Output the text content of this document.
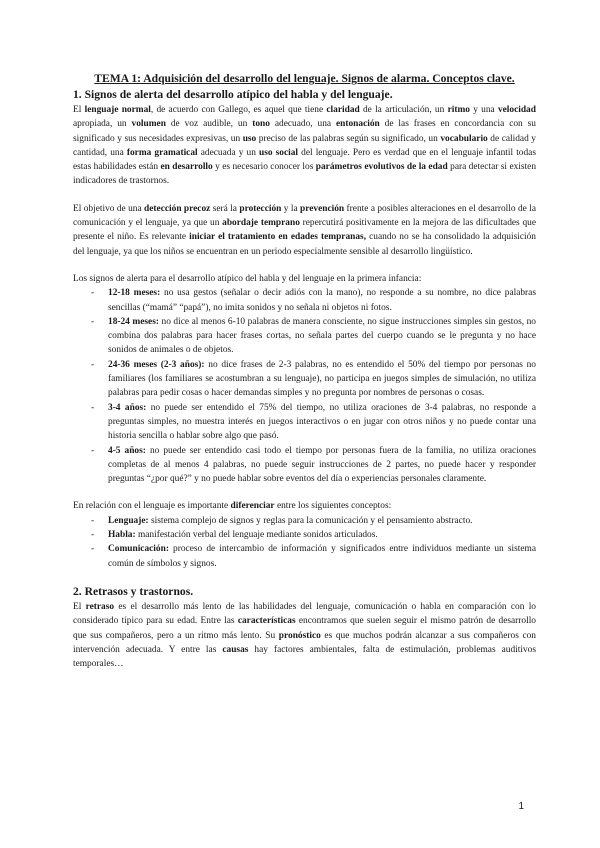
TEMA 1: Adquisición del desarrollo del lenguaje. Signos de alarma. Conceptos clave.

1. Signos de alerta del desarrollo atípico del habla y del lenguaje.

El lenguaje normal, de acuerdo con Gallego, es aquel que tiene claridad de la articulación, un ritmo y una velocidad apropiada, un volumen de voz audible, un tono adecuado, una entonación de las frases en concordancia con su significado y sus necesidades expresivas, un uso preciso de las palabras según su significado, un vocabulario de calidad y cantidad, una forma gramatical adecuada y un uso social del lenguaje. Pero es verdad que en el lenguaje infantil todas estas habilidades están en desarrollo y es necesario conocer los parámetros evolutivos de la edad para detectar si existen indicadores de trastornos.

El objetivo de una detección precoz será la protección y la prevención frente a posibles alteraciones en el desarrollo de la comunicación y el lenguaje, ya que un abordaje temprano repercutirá positivamente en la mejora de las dificultades que presente el niño. Es relevante iniciar el tratamiento en edades tempranas, cuando no se ha consolidado la adquisición del lenguaje, ya que los niños se encuentran en un periodo especialmente sensible al desarrollo lingüístico.

Los signos de alerta para el desarrollo atípico del habla y del lenguaje en la primera infancia:

- 12-18 meses: no usa gestos (señalar o decir adiós con la mano), no responde a su nombre, no dice palabras sencillas (“mamá” “papá”), no imita sonidos y no señala ni objetos ni fotos.
- 18-24 meses: no dice al menos 6-10 palabras de manera consciente, no sigue instrucciones simples sin gestos, no combina dos palabras para hacer frases cortas, no señala partes del cuerpo cuando se le pregunta y no hace sonidos de animales o de objetos.
- 24-36 meses (2-3 años): no dice frases de 2-3 palabras, no es entendido el 50% del tiempo por personas no familiares (los familiares se acostumbran a su lenguaje), no participa en juegos simples de simulación, no utiliza palabras para pedir cosas o hacer demandas simples y no pregunta por nombres de personas o cosas.
- 3-4 años: no puede ser entendido el 75% del tiempo, no utiliza oraciones de 3-4 palabras, no responde a preguntas simples, no muestra interés en juegos interactivos o en jugar con otros niños y no puede contar una historia sencilla o hablar sobre algo que pasó.
- 4-5 años: no puede ser entendido casi todo el tiempo por personas fuera de la familia, no utiliza oraciones completas de al menos 4 palabras, no puede seguir instrucciones de 2 partes, no puede hacer y responder preguntas “¿por qué?” y no puede hablar sobre eventos del día o experiencias personales claramente.

En relación con el lenguaje es importante diferenciar entre los siguientes conceptos:

- Lenguaje: sistema complejo de signos y reglas para la comunicación y el pensamiento abstracto.
- Habla: manifestación verbal del lenguaje mediante sonidos articulados.
- Comunicación: proceso de intercambio de información y significados entre individuos mediante un sistema común de símbolos y signos.
2. Retrasos y trastornos.

El retraso es el desarrollo más lento de las habilidades del lenguaje, comunicación o habla en comparación con lo considerado típico para su edad. Entre las características encontramos que suelen seguir el mismo patrón de desarrollo que sus compañeros, pero a un ritmo más lento. Su pronóstico es que muchos podrán alcanzar a sus compañeros con intervención adecuada. Y entre las causas hay factores ambientales, falta de estimulación, problemas auditivos temporales…

1
